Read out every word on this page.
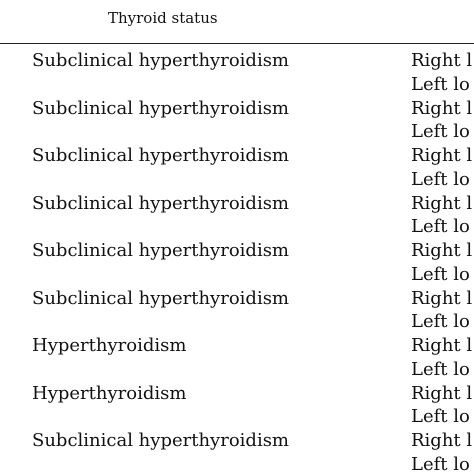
Thyroid status
Subclinical hyperthyroidism	Right l
Left lo
Subclinical hyperthyroidism	Right l
Left lo
Subclinical hyperthyroidism	Right l
Left lo
Subclinical hyperthyroidism	Right l
Left lo
Subclinical hyperthyroidism	Right l
Left lo
Subclinical hyperthyroidism	Right l
Left lo
Hyperthyroidism	Right l
Left lo
Hyperthyroidism	Right l
Left lo
Subclinical hyperthyroidism	Right l
Left lo
